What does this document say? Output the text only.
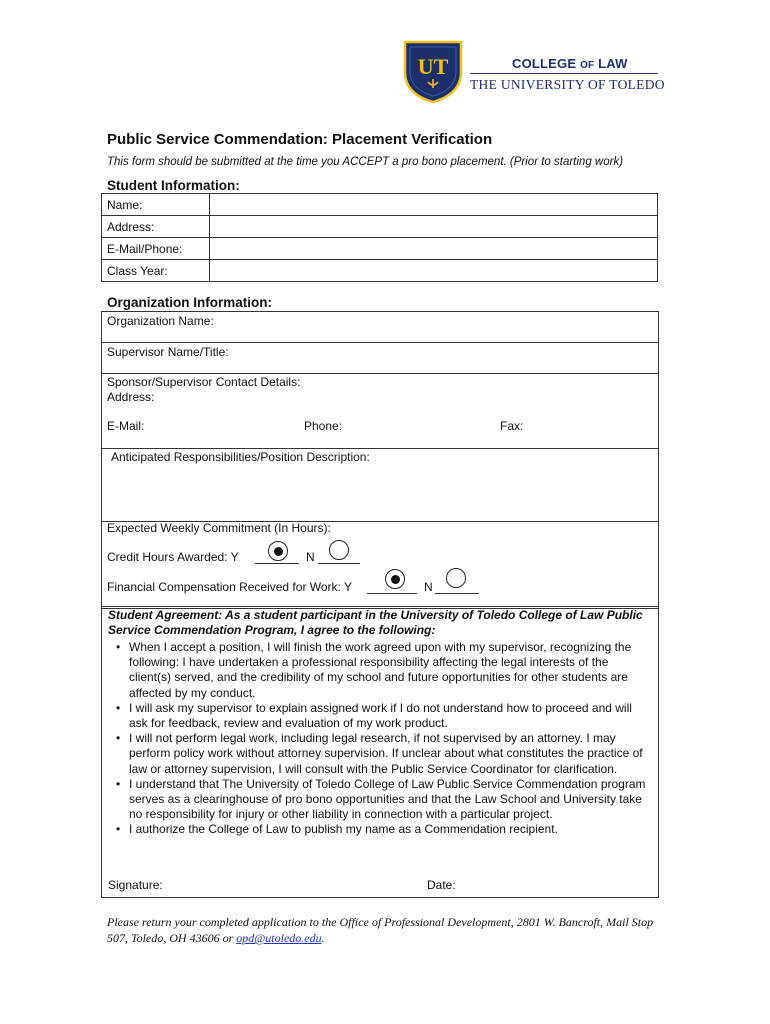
UT	COLLEGE OF LAW
THE UNIVERSITY OF TOLEDO
Public Service Commendation: Placement Verification
This form should be submitted at the time you ACCEPT a pro bono placement. (Prior to starting work)
Student Information:
Name:	
Address:	
E-Mail/Phone:	
Class Year:	
Organization Information:
Organization Name:
Supervisor Name/Title:
Sponsor/Supervisor Contact Details:
Address:
E-Mail:	Phone:	Fax:
Anticipated Responsibilities/Position Description:
Expected Weekly Commitment (In Hours):
Credit Hours Awarded: Y	N
Financial Compensation Received for Work: Y	N
Student Agreement: As a student participant in the University of Toledo College of Law Public Service Commendation Program, I agree to the following:
• When I accept a position, I will finish the work agreed upon with my supervisor, recognizing the following: I have undertaken a professional responsibility affecting the legal interests of the client(s) served, and the credibility of my school and future opportunities for other students are affected by my conduct.
• I will ask my supervisor to explain assigned work if I do not understand how to proceed and will ask for feedback, review and evaluation of my work product.
• I will not perform legal work, including legal research, if not supervised by an attorney. I may perform policy work without attorney supervision. If unclear about what constitutes the practice of law or attorney supervision, I will consult with the Public Service Coordinator for clarification.
• I understand that The University of Toledo College of Law Public Service Commendation program serves as a clearinghouse of pro bono opportunities and that the Law School and University take no responsibility for injury or other liability in connection with a particular project.
• I authorize the College of Law to publish my name as a Commendation recipient.
Signature:	Date:
Please return your completed application to the Office of Professional Development, 2801 W. Bancroft, Mail Stop 507, Toledo, OH 43606 or opd@utoledo.edu.
